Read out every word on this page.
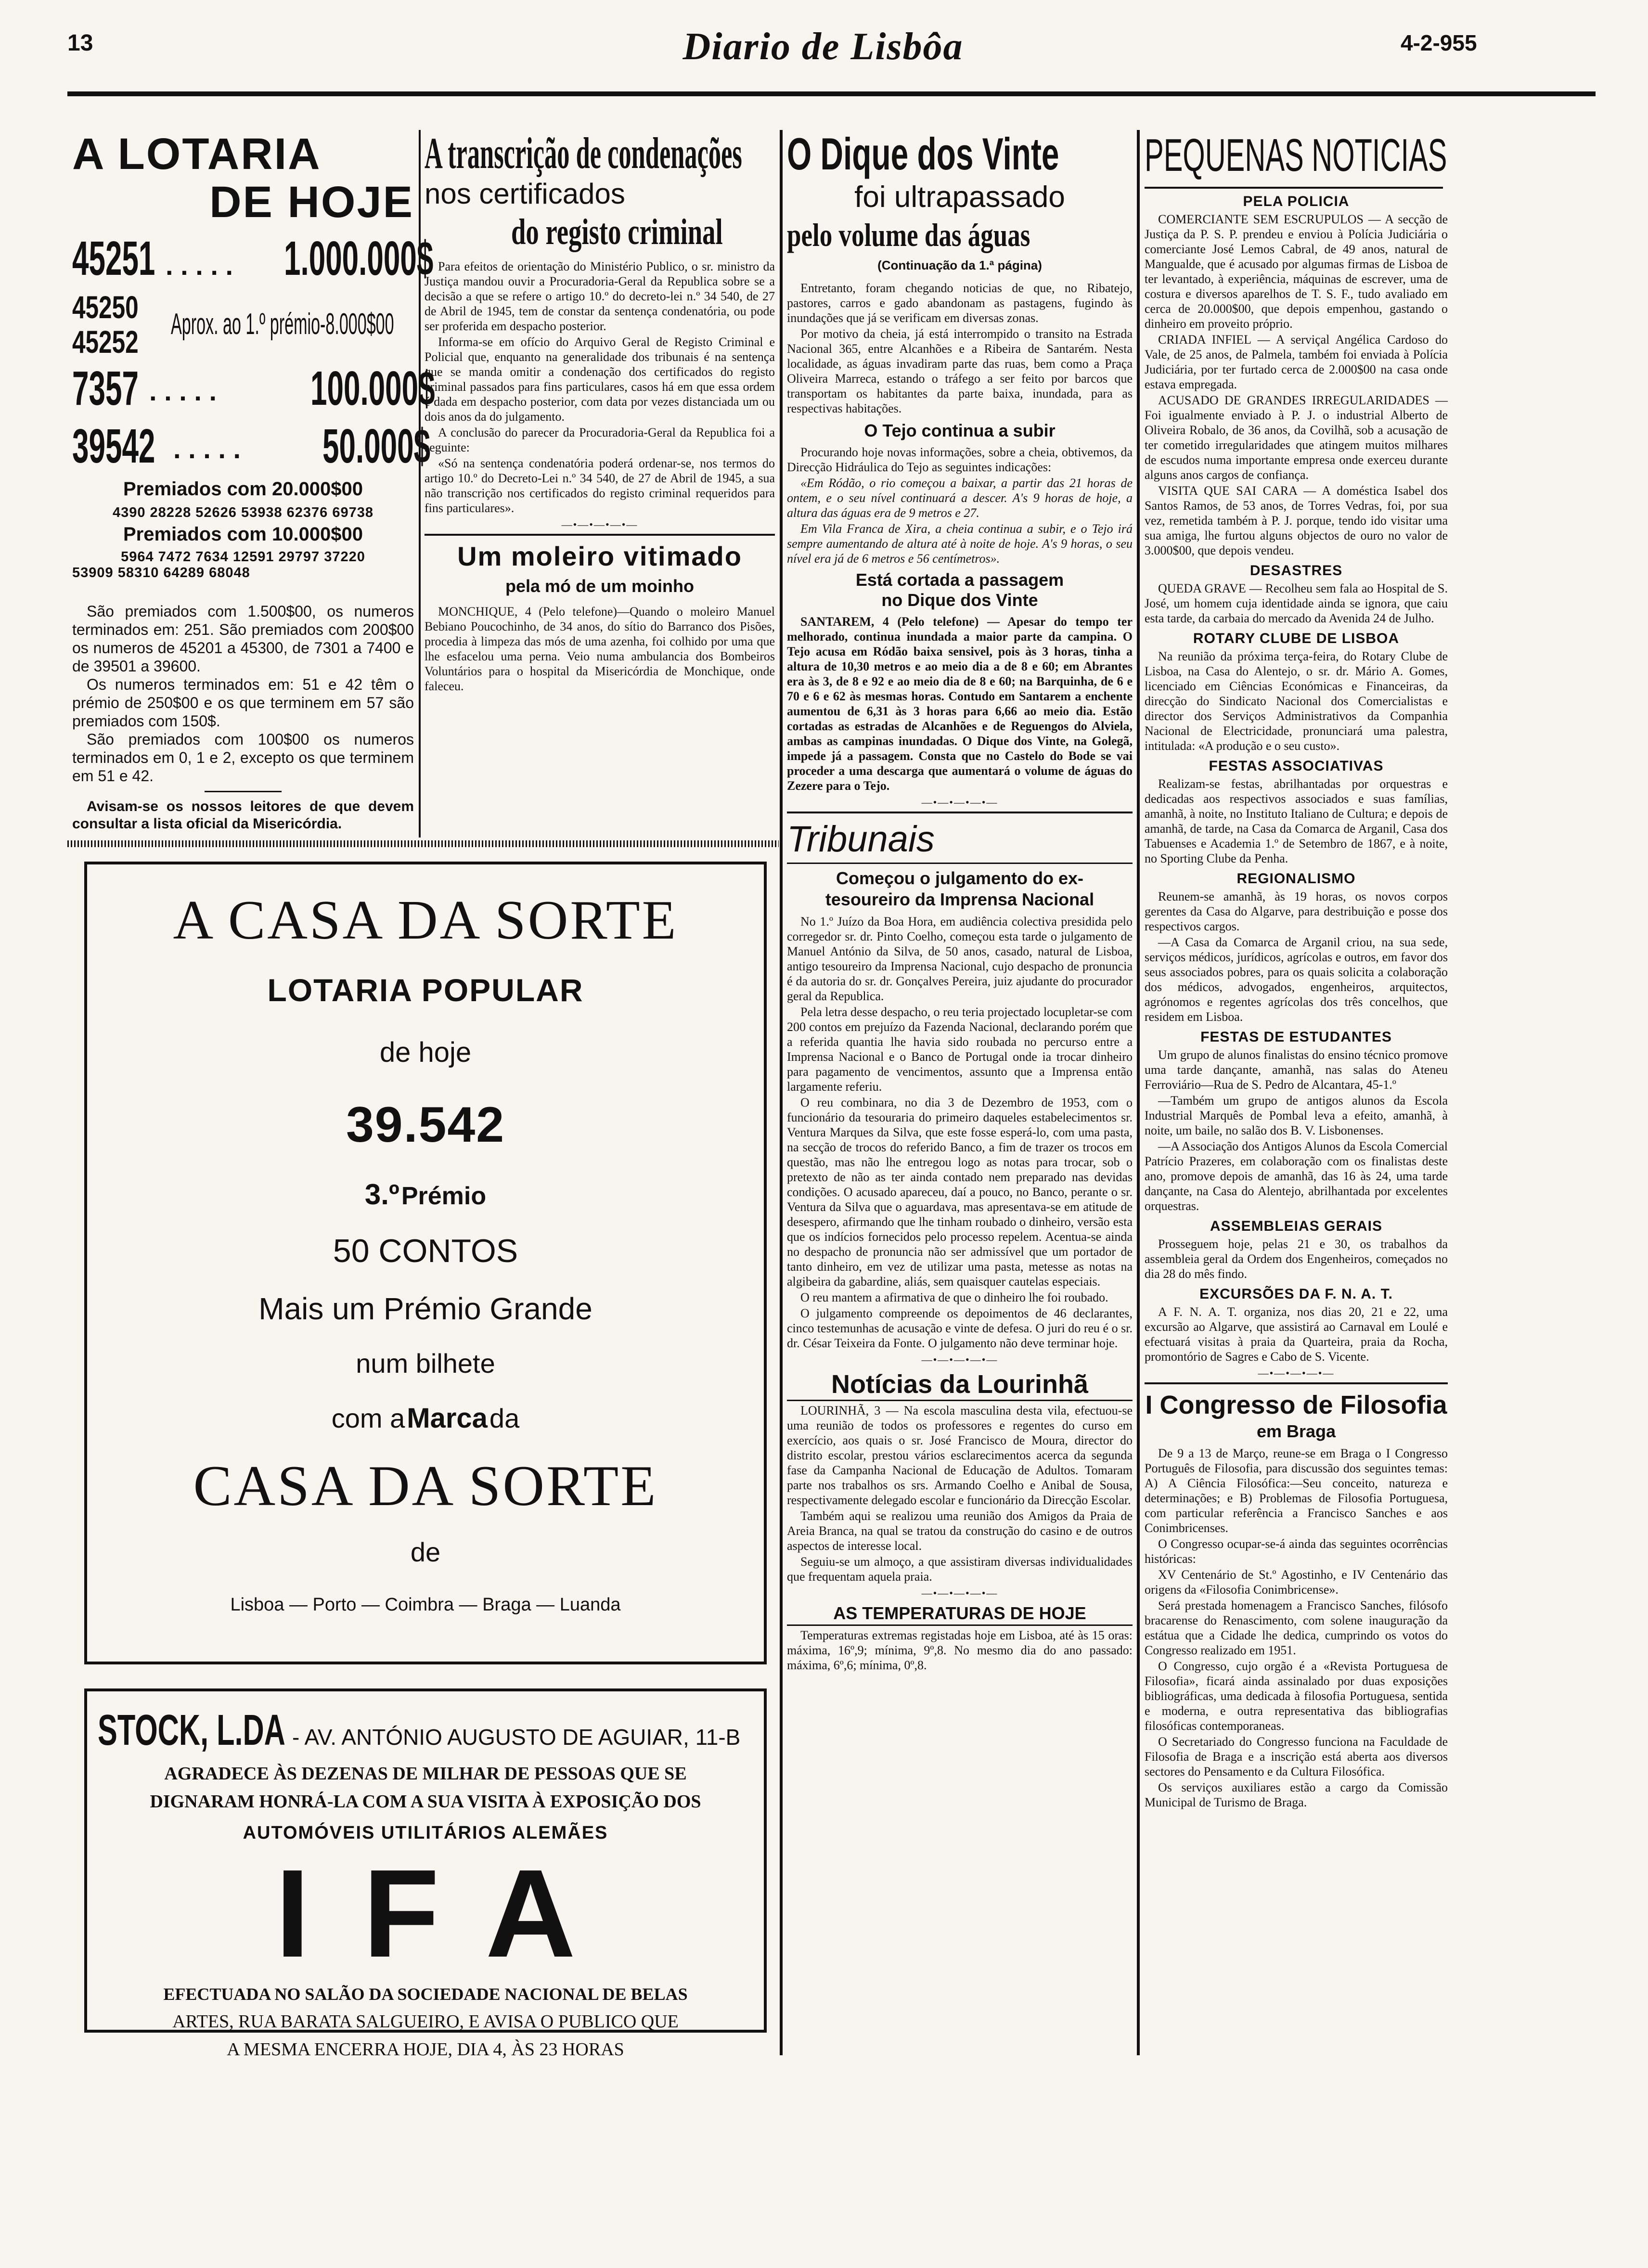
13	Diario de Lisbôa	4-2-955
A LOTARIA
DE HOJE
45251 . . . . . 1.000.000$
45250
45252 Aprox. ao 1.º prémio-8.000$00
7357 . . . . . 100.000$
39542 . . . . . 50.000$
Premiados com 20.000$00
4390 28228 52626 53938 62376 69738
Premiados com 10.000$00
5964 7472 7634 12591 29797 37220
53909 58310 64289 68048

São premiados com 1.500$00, os numeros terminados em: 251. São premiados com 200$00 os numeros de 45201 a 45300, de 7301 a 7400 e de 39501 a 39600.

Os numeros terminados em: 51 e 42 têm o prémio de 250$00 e os que terminem em 57 são premiados com 150$.

São premiados com 100$00 os numeros terminados em 0, 1 e 2, excepto os que terminem em 51 e 42.

Avisam-se os nossos leitores de que devem consultar a lista oficial da Misericórdia.

A transcrição de condenações
nos certificados
do registo criminal

Para efeitos de orientação do Ministério Publico, o sr. ministro da Justiça mandou ouvir a Procuradoria-Geral da Republica sobre se a decisão a que se refere o artigo 10.º do decreto-lei n.º 34 540, de 27 de Abril de 1945, tem de constar da sentença condenatória, ou pode ser proferida em despacho posterior.

Informa-se em ofício do Arquivo Geral de Registo Criminal e Policial que, enquanto na generalidade dos tribunais é na sentença que se manda omitir a condenação dos certificados do registo criminal passados para fins particulares, casos há em que essa ordem é dada em despacho posterior, com data por vezes distanciada um ou dois anos da do julgamento.

A conclusão do parecer da Procuradoria-Geral da Republica foi a seguinte:

«Só na sentença condenatória poderá ordenar-se, nos termos do artigo 10.º do Decreto-Lei n.º 34 540, de 27 de Abril de 1945, a sua não transcrição nos certificados do registo criminal requeridos para fins particulares».

—•—•—•—•—
Um moleiro vitimado
pela mó de um moinho

MONCHIQUE, 4 (Pelo telefone)—Quando o moleiro Manuel Bebiano Poucochinho, de 34 anos, do sítio do Barranco dos Pisões, procedia à limpeza das mós de uma azenha, foi colhido por uma que lhe esfacelou uma perna. Veio numa ambulancia dos Bombeiros Voluntários para o hospital da Misericórdia de Monchique, onde faleceu.

A CASA DA SORTE
LOTARIA POPULAR
de hoje
39.542
3.º Prémio
50 CONTOS
Mais um Prémio Grande
num bilhete
com a Marca da
CASA DA SORTE
de
Lisboa — Porto — Coimbra — Braga — Luanda
STOCK, L.DA - AV. ANTÓNIO AUGUSTO DE AGUIAR, 11-B
AGRADECE ÀS DEZENAS DE MILHAR DE PESSOAS QUE SE
DIGNARAM HONRÁ-LA COM A SUA VISITA À EXPOSIÇÃO DOS
AUTOMÓVEIS UTILITÁRIOS ALEMÃES
IFA
EFECTUADA NO SALÃO DA SOCIEDADE NACIONAL DE BELAS
ARTES, RUA BARATA SALGUEIRO, E AVISA O PUBLICO QUE
A MESMA ENCERRA HOJE, DIA 4, ÀS 23 HORAS
O Dique dos Vinte
foi ultrapassado
pelo volume das águas
(Continuação da 1.ª página)

Entretanto, foram chegando noticias de que, no Ribatejo, pastores, carros e gado abandonam as pastagens, fugindo às inundações que já se verificam em diversas zonas.

Por motivo da cheia, já está interrompido o transito na Estrada Nacional 365, entre Alcanhões e a Ribeira de Santarém. Nesta localidade, as águas invadiram parte das ruas, bem como a Praça Oliveira Marreca, estando o tráfego a ser feito por barcos que transportam os habitantes da parte baixa, inundada, para as respectivas habitações.

O Tejo continua a subir

Procurando hoje novas informações, sobre a cheia, obtivemos, da Direcção Hidráulica do Tejo as seguintes indicações:

«Em Ródão, o rio começou a baixar, a partir das 21 horas de ontem, e o seu nível continuará a descer. A's 9 horas de hoje, a altura das águas era de 9 metros e 27.

Em Vila Franca de Xira, a cheia continua a subir, e o Tejo irá sempre aumentando de altura até à noite de hoje. A's 9 horas, o seu nível era já de 6 metros e 56 centímetros».

Está cortada a passagem
no Dique dos Vinte

SANTAREM, 4 (Pelo telefone) — Apesar do tempo ter melhorado, continua inundada a maior parte da campina. O Tejo acusa em Ródão baixa sensivel, pois às 3 horas, tinha a altura de 10,30 metros e ao meio dia a de 8 e 60; em Abrantes era às 3, de 8 e 92 e ao meio dia de 8 e 60; na Barquinha, de 6 e 70 e 6 e 62 às mesmas horas. Contudo em Santarem a enchente aumentou de 6,31 às 3 horas para 6,66 ao meio dia. Estão cortadas as estradas de Alcanhões e de Reguengos do Alviela, ambas as campinas inundadas. O Dique dos Vinte, na Golegã, impede já a passagem. Consta que no Castelo do Bode se vai proceder a uma descarga que aumentará o volume de águas do Zezere para o Tejo.

—•—•—•—•—
Tribunais
Começou o julgamento do ex-tesoureiro da Imprensa Nacional

No 1.º Juízo da Boa Hora, em audiência colectiva presidida pelo corregedor sr. dr. Pinto Coelho, começou esta tarde o julgamento de Manuel António da Silva, de 50 anos, casado, natural de Lisboa, antigo tesoureiro da Imprensa Nacional, cujo despacho de pronuncia é da autoria do sr. dr. Gonçalves Pereira, juiz ajudante do procurador geral da Republica.

Pela letra desse despacho, o reu teria projectado locupletar-se com 200 contos em prejuízo da Fazenda Nacional, declarando porém que a referida quantia lhe havia sido roubada no percurso entre a Imprensa Nacional e o Banco de Portugal onde ia trocar dinheiro para pagamento de vencimentos, assunto que a Imprensa então largamente referiu.

O reu combinara, no dia 3 de Dezembro de 1953, com o funcionário da tesouraria do primeiro daqueles estabelecimentos sr. Ventura Marques da Silva, que este fosse esperá-lo, com uma pasta, na secção de trocos do referido Banco, a fim de trazer os trocos em questão, mas não lhe entregou logo as notas para trocar, sob o pretexto de não as ter ainda contado nem preparado nas devidas condições. O acusado apareceu, daí a pouco, no Banco, perante o sr. Ventura da Silva que o aguardava, mas apresentava-se em atitude de desespero, afirmando que lhe tinham roubado o dinheiro, versão esta que os indícios fornecidos pelo processo repelem. Acentua-se ainda no despacho de pronuncia não ser admissível que um portador de tanto dinheiro, em vez de utilizar uma pasta, metesse as notas na algibeira da gabardine, aliás, sem quaisquer cautelas especiais.

O reu mantem a afirmativa de que o dinheiro lhe foi roubado.

O julgamento compreende os depoimentos de 46 declarantes, cinco testemunhas de acusação e vinte de defesa. O juri do reu é o sr. dr. César Teixeira da Fonte. O julgamento não deve terminar hoje.

—•—•—•—•—
Notícias da Lourinhã

LOURINHÃ, 3 — Na escola masculina desta vila, efectuou-se uma reunião de todos os professores e regentes do curso em exercício, aos quais o sr. José Francisco de Moura, director do distrito escolar, prestou vários esclarecimentos acerca da segunda fase da Campanha Nacional de Educação de Adultos. Tomaram parte nos trabalhos os srs. Armando Coelho e Anibal de Sousa, respectivamente delegado escolar e funcionário da Direcção Escolar.

Também aqui se realizou uma reunião dos Amigos da Praia de Areia Branca, na qual se tratou da construção do casino e de outros aspectos de interesse local.

Seguiu-se um almoço, a que assistiram diversas individualidades que frequentam aquela praia.

—•—•—•—•—
AS TEMPERATURAS DE HOJE

Temperaturas extremas registadas hoje em Lisboa, até às 15 oras: máxima, 16º,9; mínima, 9º,8. No mesmo dia do ano passado: máxima, 6º,6; mínima, 0º,8.

PEQUENAS NOTICIAS
PELA POLICIA

COMERCIANTE SEM ESCRUPULOS — A secção de Justiça da P. S. P. prendeu e enviou à Polícia Judiciária o comerciante José Lemos Cabral, de 49 anos, natural de Mangualde, que é acusado por algumas firmas de Lisboa de ter levantado, à experiência, máquinas de escrever, uma de costura e diversos aparelhos de T. S. F., tudo avaliado em cerca de 20.000$00, que depois empenhou, gastando o dinheiro em proveito próprio.

CRIADA INFIEL — A serviçal Angélica Cardoso do Vale, de 25 anos, de Palmela, também foi enviada à Polícia Judiciária, por ter furtado cerca de 2.000$00 na casa onde estava empregada.

ACUSADO DE GRANDES IRREGULARIDADES — Foi igualmente enviado à P. J. o industrial Alberto de Oliveira Robalo, de 36 anos, da Covilhã, sob a acusação de ter cometido irregularidades que atingem muitos milhares de escudos numa importante empresa onde exerceu durante alguns anos cargos de confiança.

VISITA QUE SAI CARA — A doméstica Isabel dos Santos Ramos, de 53 anos, de Torres Vedras, foi, por sua vez, remetida também à P. J. porque, tendo ido visitar uma sua amiga, lhe furtou alguns objectos de ouro no valor de 3.000$00, que depois vendeu.

DESASTRES

QUEDA GRAVE — Recolheu sem fala ao Hospital de S. José, um homem cuja identidade ainda se ignora, que caiu esta tarde, da carbaia do mercado da Avenida 24 de Julho.

ROTARY CLUBE DE LISBOA

Na reunião da próxima terça-feira, do Rotary Clube de Lisboa, na Casa do Alentejo, o sr. dr. Mário A. Gomes, licenciado em Ciências Económicas e Financeiras, da direcção do Sindicato Nacional dos Comercialistas e director dos Serviços Administrativos da Companhia Nacional de Electricidade, pronunciará uma palestra, intitulada: «A produção e o seu custo».

FESTAS ASSOCIATIVAS

Realizam-se festas, abrilhantadas por orquestras e dedicadas aos respectivos associados e suas famílias, amanhã, à noite, no Instituto Italiano de Cultura; e depois de amanhã, de tarde, na Casa da Comarca de Arganil, Casa dos Tabuenses e Academia 1.º de Setembro de 1867, e à noite, no Sporting Clube da Penha.

REGIONALISMO

Reunem-se amanhã, às 19 horas, os novos corpos gerentes da Casa do Algarve, para destribuição e posse dos respectivos cargos.

—A Casa da Comarca de Arganil criou, na sua sede, serviços médicos, jurídicos, agrícolas e outros, em favor dos seus associados pobres, para os quais solicita a colaboração dos médicos, advogados, engenheiros, arquitectos, agrónomos e regentes agrícolas dos três concelhos, que residem em Lisboa.

FESTAS DE ESTUDANTES

Um grupo de alunos finalistas do ensino técnico promove uma tarde dançante, amanhã, nas salas do Ateneu Ferroviário—Rua de S. Pedro de Alcantara, 45-1.º

—Também um grupo de antigos alunos da Escola Industrial Marquês de Pombal leva a efeito, amanhã, à noite, um baile, no salão dos B. V. Lisbonenses.

—A Associação dos Antigos Alunos da Escola Comercial Patrício Prazeres, em colaboração com os finalistas deste ano, promove depois de amanhã, das 16 às 24, uma tarde dançante, na Casa do Alentejo, abrilhantada por excelentes orquestras.

ASSEMBLEIAS GERAIS

Prosseguem hoje, pelas 21 e 30, os trabalhos da assembleia geral da Ordem dos Engenheiros, começados no dia 28 do mês findo.

EXCURSÕES DA F. N. A. T.

A F. N. A. T. organiza, nos dias 20, 21 e 22, uma excursão ao Algarve, que assistirá ao Carnaval em Loulé e efectuará visitas à praia da Quarteira, praia da Rocha, promontório de Sagres e Cabo de S. Vicente.

—•—•—•—•—
I Congresso de Filosofia
em Braga

De 9 a 13 de Março, reune-se em Braga o I Congresso Português de Filosofia, para discussão dos seguintes temas: A) A Ciência Filosófica:—Seu conceito, natureza e determinações; e B) Problemas de Filosofia Portuguesa, com particular referência a Francisco Sanches e aos Conimbricenses.

O Congresso ocupar-se-á ainda das seguintes ocorrências históricas:

XV Centenário de St.º Agostinho, e IV Centenário das origens da «Filosofia Conimbricense».

Será prestada homenagem a Francisco Sanches, filósofo bracarense do Renascimento, com solene inauguração da estátua que a Cidade lhe dedica, cumprindo os votos do Congresso realizado em 1951.

O Congresso, cujo orgão é a «Revista Portuguesa de Filosofia», ficará ainda assinalado por duas exposições bibliográficas, uma dedicada à filosofia Portuguesa, sentida e moderna, e outra representativa das bibliografias filosóficas contemporaneas.

O Secretariado do Congresso funciona na Faculdade de Filosofia de Braga e a inscrição está aberta aos diversos sectores do Pensamento e da Cultura Filosófica.

Os serviços auxiliares estão a cargo da Comissão Municipal de Turismo de Braga.
